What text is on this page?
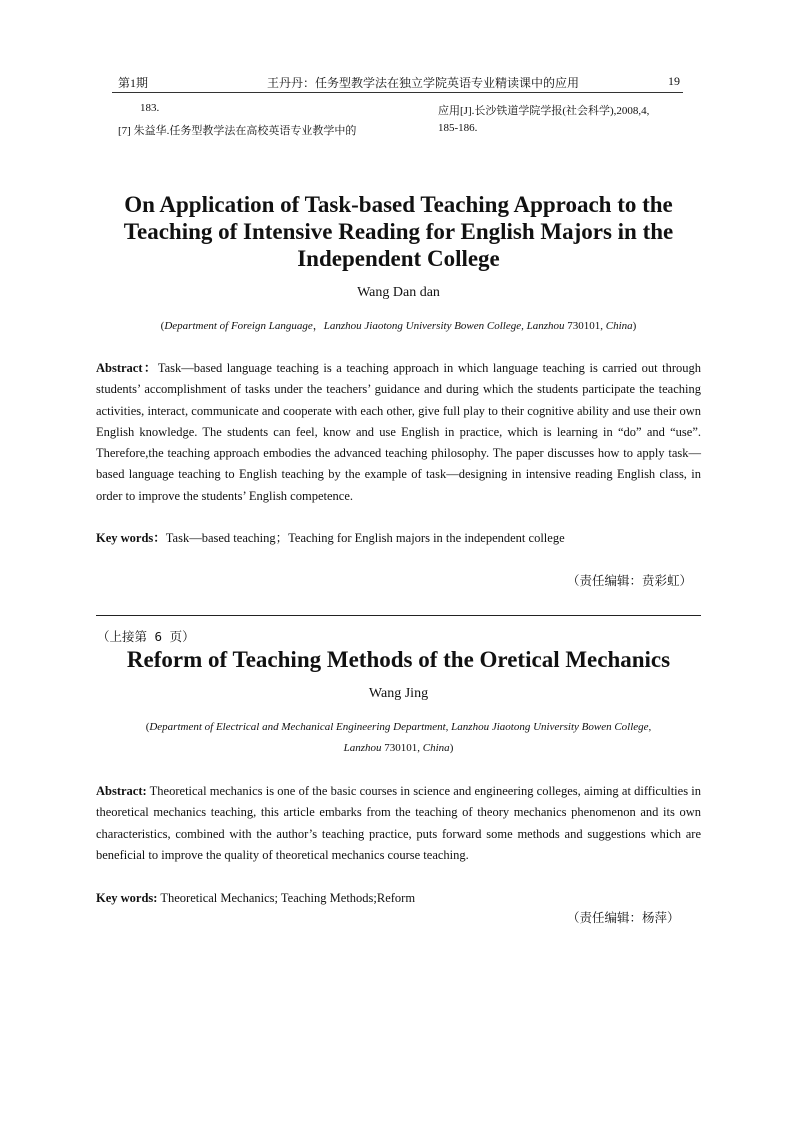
第1期	王丹丹：任务型教学法在独立学院英语专业精读课中的应用	19
183.
[7] 朱益华.任务型教学法在高校英语专业教学中的
应用[J].长沙铁道学院学报(社会科学),2008,4,
185-186.
On Application of Task-based Teaching Approach to the
Teaching of Intensive Reading for English Majors in the
Independent College
Wang Dan dan
(Department of Foreign Language，Lanzhou Jiaotong University Bowen College, Lanzhou 730101, China)
Abstract：Task—based language teaching is a teaching approach in which language teaching is carried out through students’ accomplishment of tasks under the teachers’ guidance and during which the students participate the teaching activities, interact, communicate and cooperate with each other, give full play to their cognitive ability and use their own English knowledge. The students can feel, know and use English in practice, which is learning in “do” and “use”. Therefore,the teaching approach embodies the advanced teaching philosophy. The paper discusses how to apply task—based language teaching to English teaching by the example of task—designing in intensive reading English class, in order to improve the students’ English competence.
Key words：Task—based teaching；Teaching for English majors in the independent college
（责任编辑：贲彩虹）
（上接第 6 页）
Reform of Teaching Methods of the Oretical Mechanics
Wang Jing
(Department of Electrical and Mechanical Engineering Department, Lanzhou Jiaotong University Bowen College,
Lanzhou 730101, China)
Abstract: Theoretical mechanics is one of the basic courses in science and engineering colleges, aiming at difficulties in theoretical mechanics teaching, this article embarks from the teaching of theory mechanics phenomenon and its own characteristics, combined with the author’s teaching practice, puts forward some methods and suggestions which are beneficial to improve the quality of theoretical mechanics course teaching.
Key words: Theoretical Mechanics; Teaching Methods;Reform
（责任编辑：杨萍）
